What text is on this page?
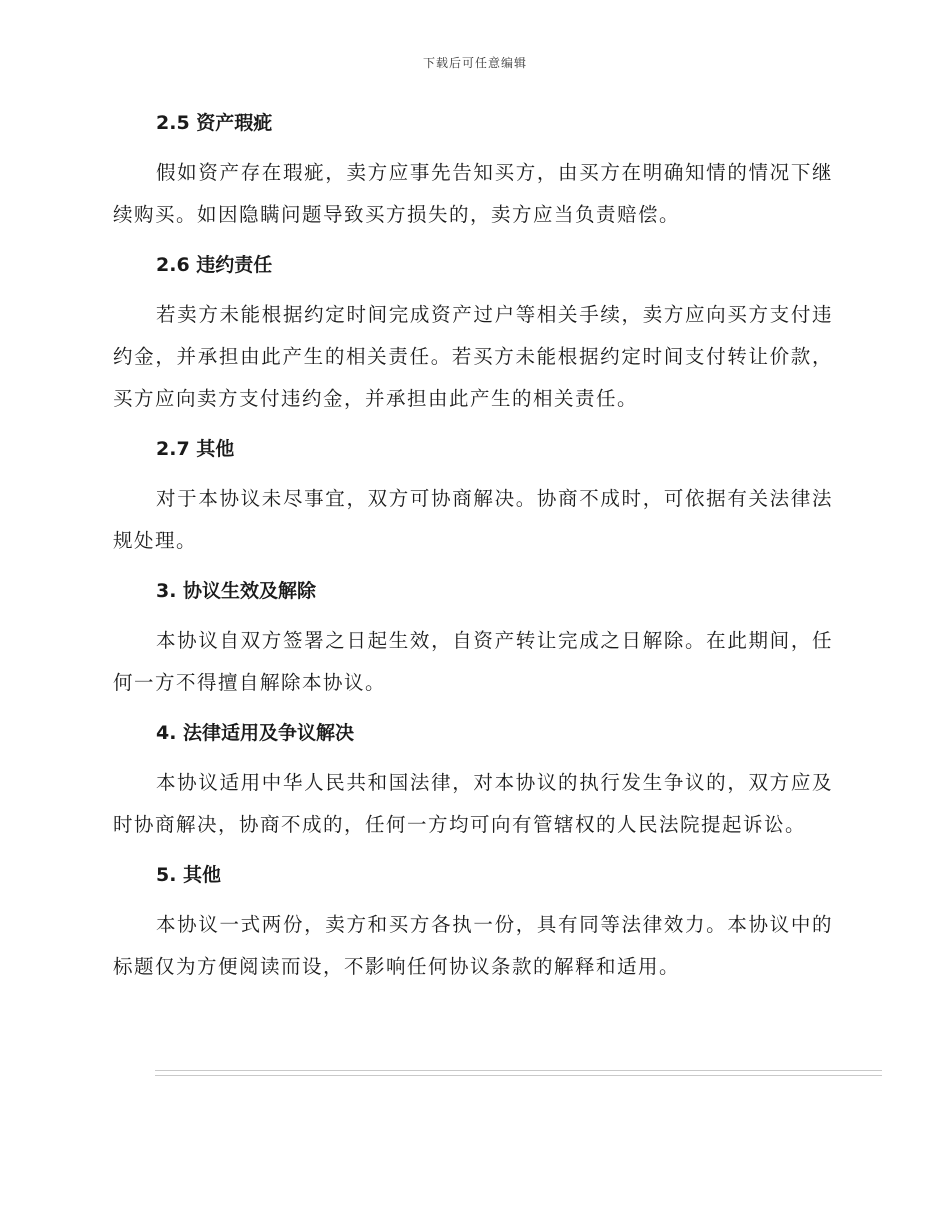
下载后可任意编辑
2.5 资产瑕疵

假如资产存在瑕疵，卖方应事先告知买方，由买方在明确知情的情况下继续购买。如因隐瞒问题导致买方损失的，卖方应当负责赔偿。

2.6 违约责任

若卖方未能根据约定时间完成资产过户等相关手续，卖方应向买方支付违约金，并承担由此产生的相关责任。若买方未能根据约定时间支付转让价款，买方应向卖方支付违约金，并承担由此产生的相关责任。

2.7 其他

对于本协议未尽事宜，双方可协商解决。协商不成时，可依据有关法律法规处理。

3. 协议生效及解除

本协议自双方签署之日起生效，自资产转让完成之日解除。在此期间，任何一方不得擅自解除本协议。

4. 法律适用及争议解决

本协议适用中华人民共和国法律，对本协议的执行发生争议的，双方应及时协商解决，协商不成的，任何一方均可向有管辖权的人民法院提起诉讼。

5. 其他

本协议一式两份，卖方和买方各执一份，具有同等法律效力。本协议中的标题仅为方便阅读而设，不影响任何协议条款的解释和适用。
